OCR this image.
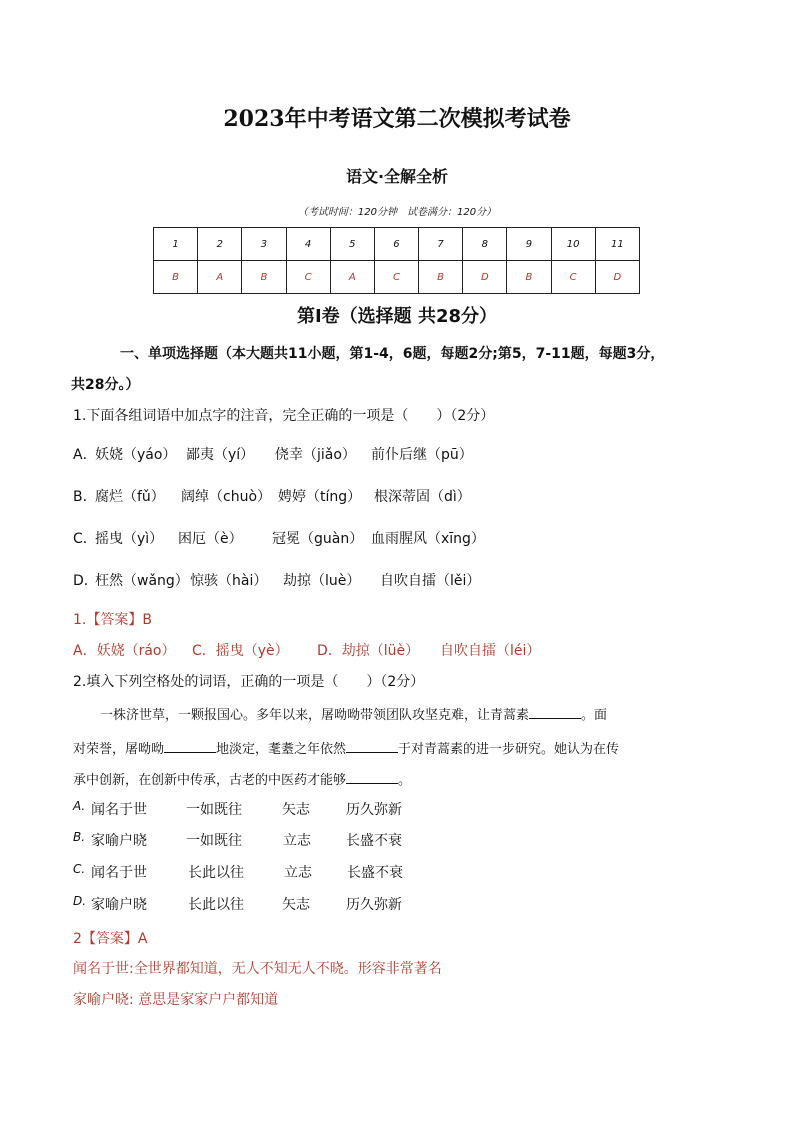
2023年中考语文第二次模拟考试卷
语文·全解全析
（考试时间：120分钟　试卷满分：120分）
1	2	3	4	5	6	7	8	9	10	11
B	A	B	C	A	C	B	D	B	C	D
第I卷（选择题 共28分）
一、单项选择题（本大题共11小题，第1-4，6题，每题2分;第5，7-11题，每题3分，
共28分。）
1.下面各组词语中加点字的注音，完全正确的一项是（　　）（2分）
A．
妖娆（yáo） 鄙夷（yí） 侥幸（jiǎo） 前仆后继（pū）
B．
腐烂（fǔ） 阔绰（chuò） 娉婷（tíng） 根深蒂固（dì）
C．
摇曳（yì） 困厄（è） 冠冕（guàn） 血雨腥风（xīng）
D．
枉然（wǎng） 惊骇（hài） 劫掠（luè） 自吹自擂（lěi）
1.【答案】B
A．妖娆（ráo） C．摇曳（yè） D．劫掠（lüè） 自吹自擂（léi）
2.填入下列空格处的词语，正确的一项是（　　）（2分）
一株济世草，一颗报国心。多年以来，屠呦呦带领团队攻坚克难，让青蒿素	。面
对荣誉，屠呦呦	地淡定，耄耋之年依然	于对青蒿素的进一步研究。她认为在传
承中创新，在创新中传承，古老的中医药才能够	。
A. 闻名于世	一如既往	矢志	历久弥新
B. 家喻户晓	一如既往	立志	长盛不衰
C. 闻名于世	长此以往	立志	长盛不衰
D. 家喻户晓	长此以往	矢志	历久弥新
2【答案】A
闻名于世:全世界都知道，无人不知无人不晓。形容非常著名
家喻户晓: 意思是家家户户都知道
